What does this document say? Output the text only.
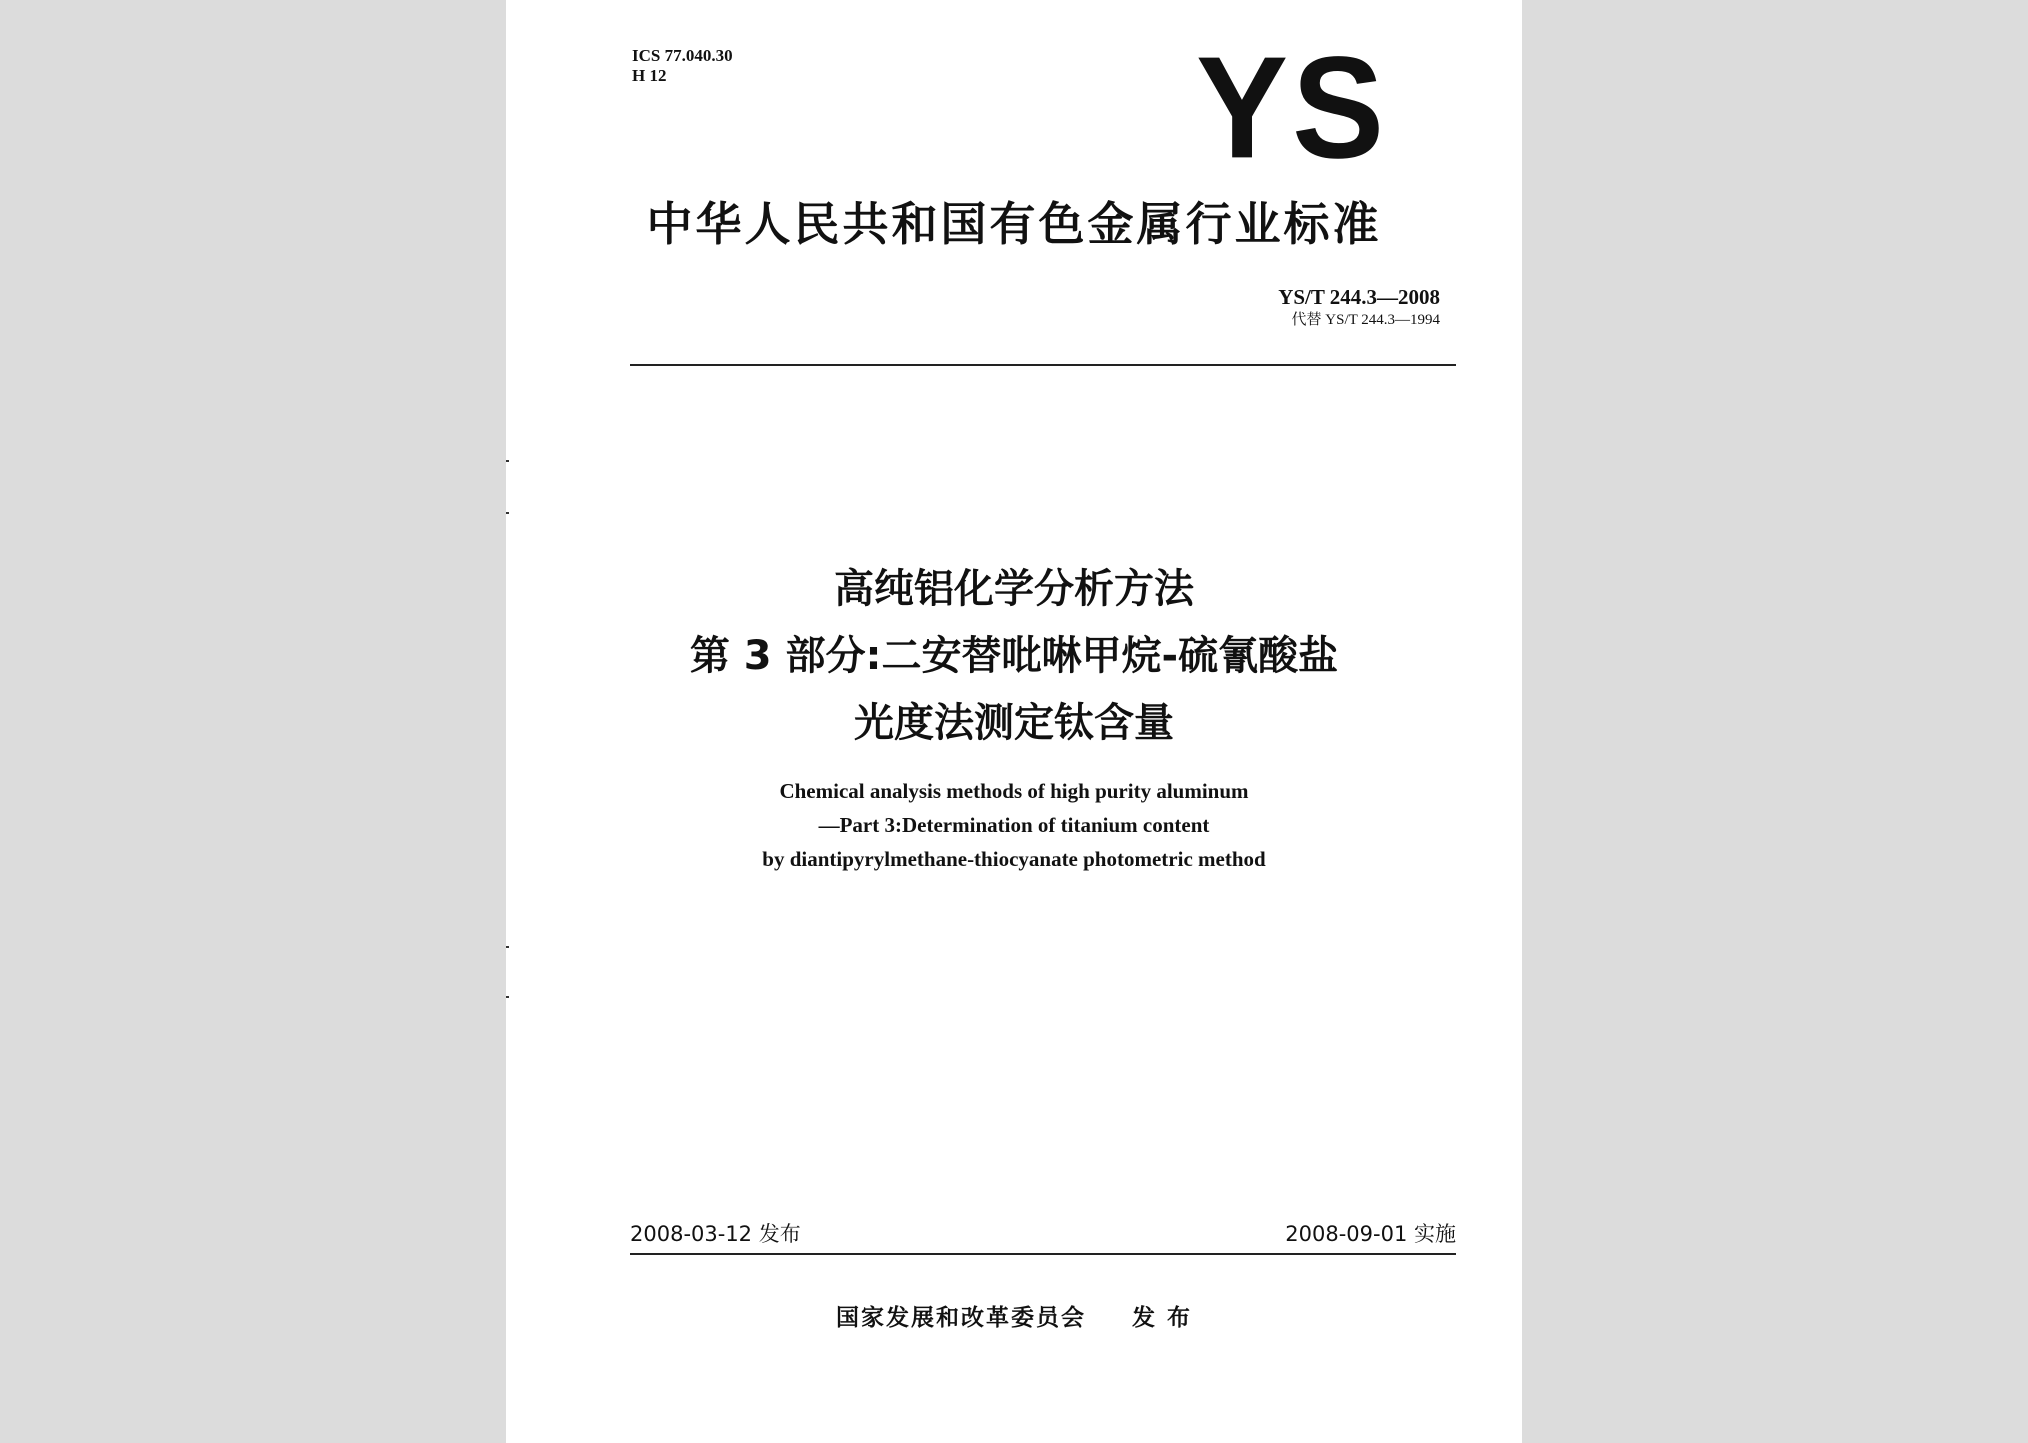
ICS 77.040.30
H 12	YS
中华人民共和国有色金属行业标准
YS/T 244.3—2008
代替 YS/T 244.3—1994
高纯铝化学分析方法
第 3 部分:二安替吡啉甲烷-硫氰酸盐
光度法测定钛含量
Chemical analysis methods of high purity aluminum
—Part 3:Determination of titanium content
by diantipyrylmethane-thiocyanate photometric method
2008-03-12 发布	2008-09-01 实施
国家发展和改革委员会 发 布
